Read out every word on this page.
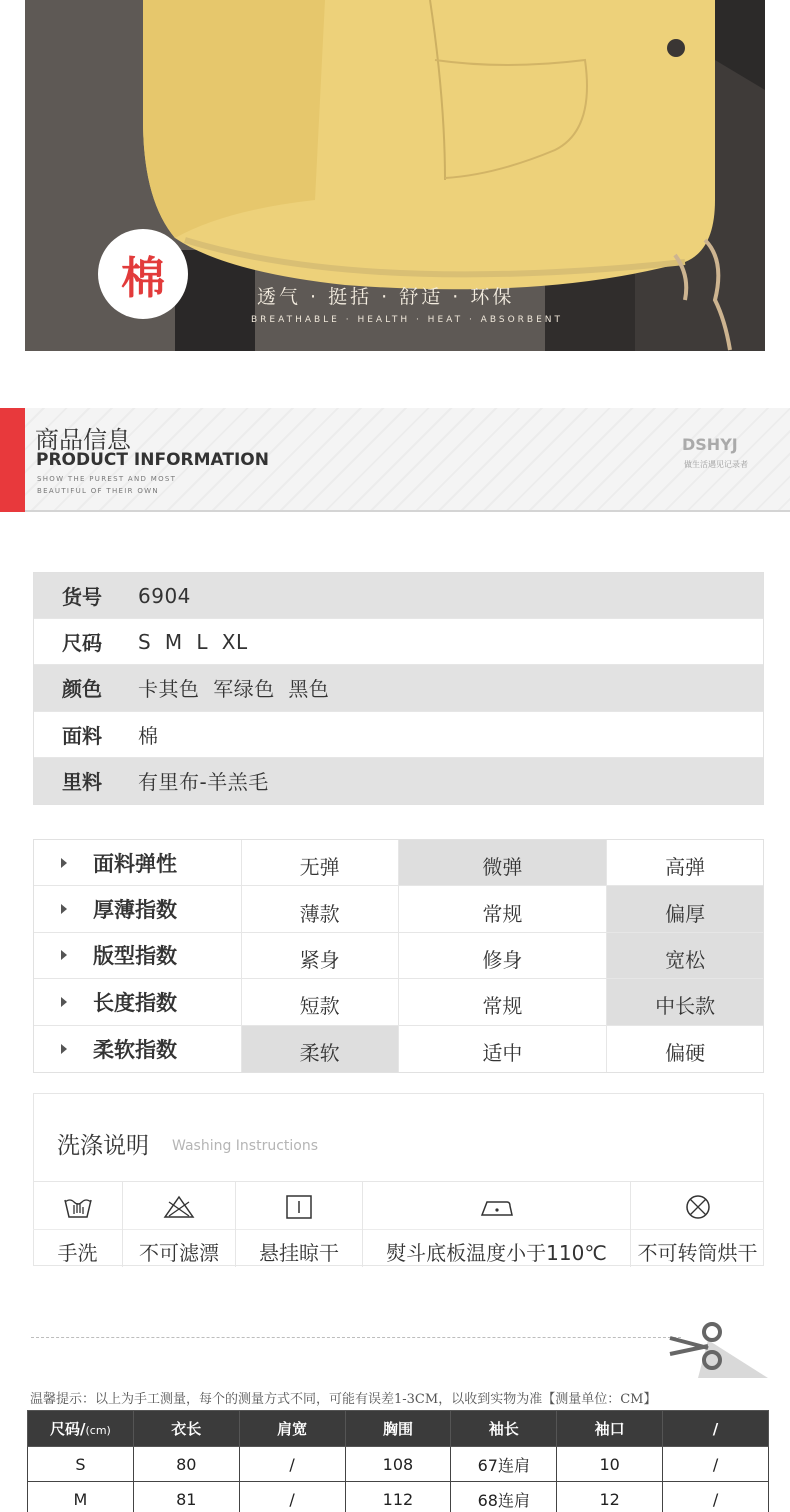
棉	透气 · 挺括 · 舒适 · 环保
BREATHABLE · HEALTH · HEAT · ABSORBENT
商品信息
PRODUCT INFORMATION
SHOW THE PUREST AND MOST
BEAUTIFUL OF THEIR OWN
DSHYJ
做生活遇见记录者
货号	6904
尺码	S  M  L  XL
颜色	卡其色  军绿色  黑色
面料	棉
里料	有里布-羊羔毛
面料弹性	无弹	微弹	高弹
厚薄指数	薄款	常规	偏厚
版型指数	紧身	修身	宽松
长度指数	短款	常规	中长款
柔软指数	柔软	适中	偏硬
洗涤说明 Washing Instructions
手洗	不可滤漂	悬挂晾干	熨斗底板温度小于110℃	不可转筒烘干
温馨提示：以上为手工测量，每个的测量方式不同，可能有误差1-3CM，以收到实物为准【测量单位：CM】
尺码/(cm)	衣长	肩宽	胸围	袖长	袖口	/
S	80	/	108	67连肩	10	/
M	81	/	112	68连肩	12	/
